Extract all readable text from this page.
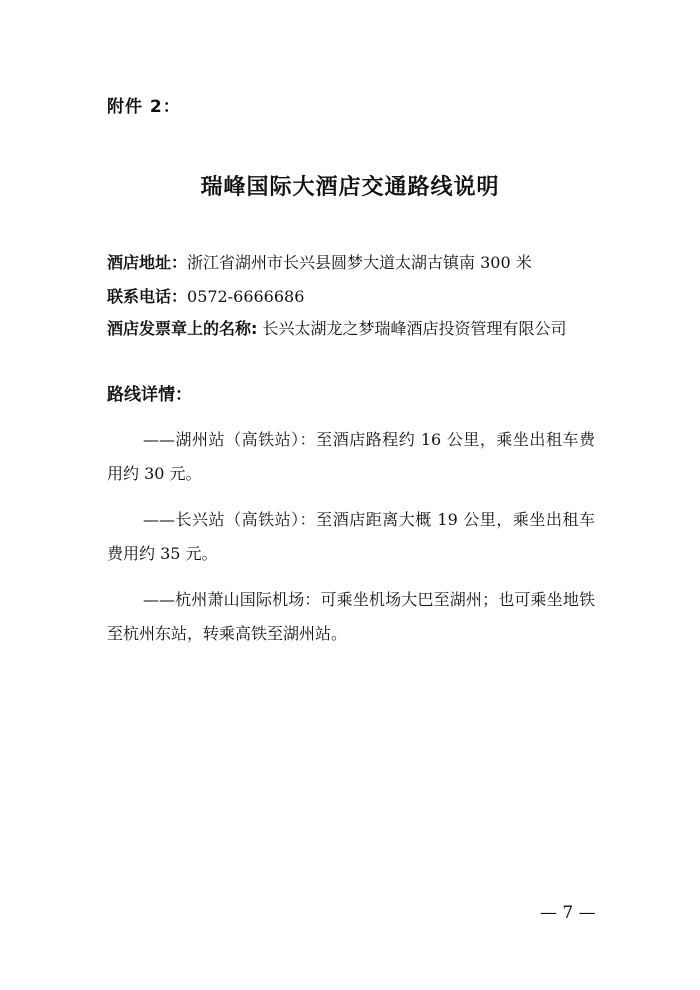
附件 2：
瑞峰国际大酒店交通路线说明
酒店地址：浙江省湖州市长兴县圆梦大道太湖古镇南 300 米
联系电话：0572-6666686
酒店发票章上的名称: 长兴太湖龙之梦瑞峰酒店投资管理有限公司
路线详情：

——湖州站（高铁站）：至酒店路程约 16 公里，乘坐出租车费用约 30 元。

——长兴站（高铁站）：至酒店距离大概 19 公里，乘坐出租车费用约 35 元。

——杭州萧山国际机场：可乘坐机场大巴至湖州；也可乘坐地铁至杭州东站，转乘高铁至湖州站。

— 7 —
